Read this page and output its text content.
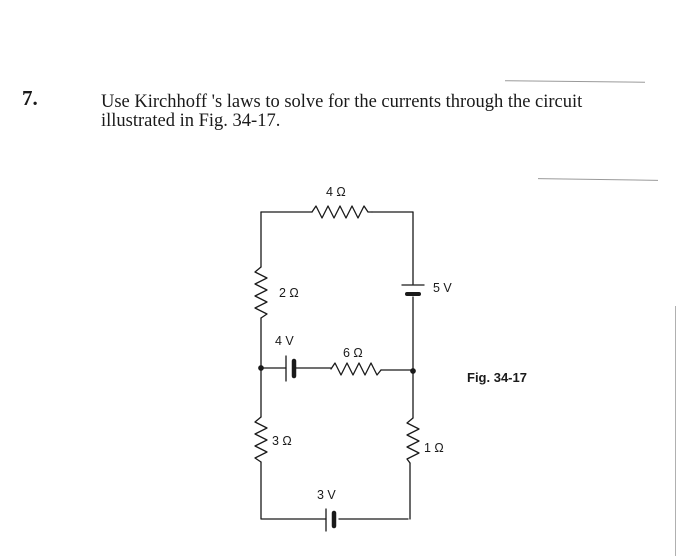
7.	Use Kirchhoff 's laws to solve for the currents through the circuit
illustrated in Fig. 34-17.
4 Ω
2 Ω	5 V
4 V
6 Ω
3 Ω	1 Ω
3 V
Fig. 34-17
